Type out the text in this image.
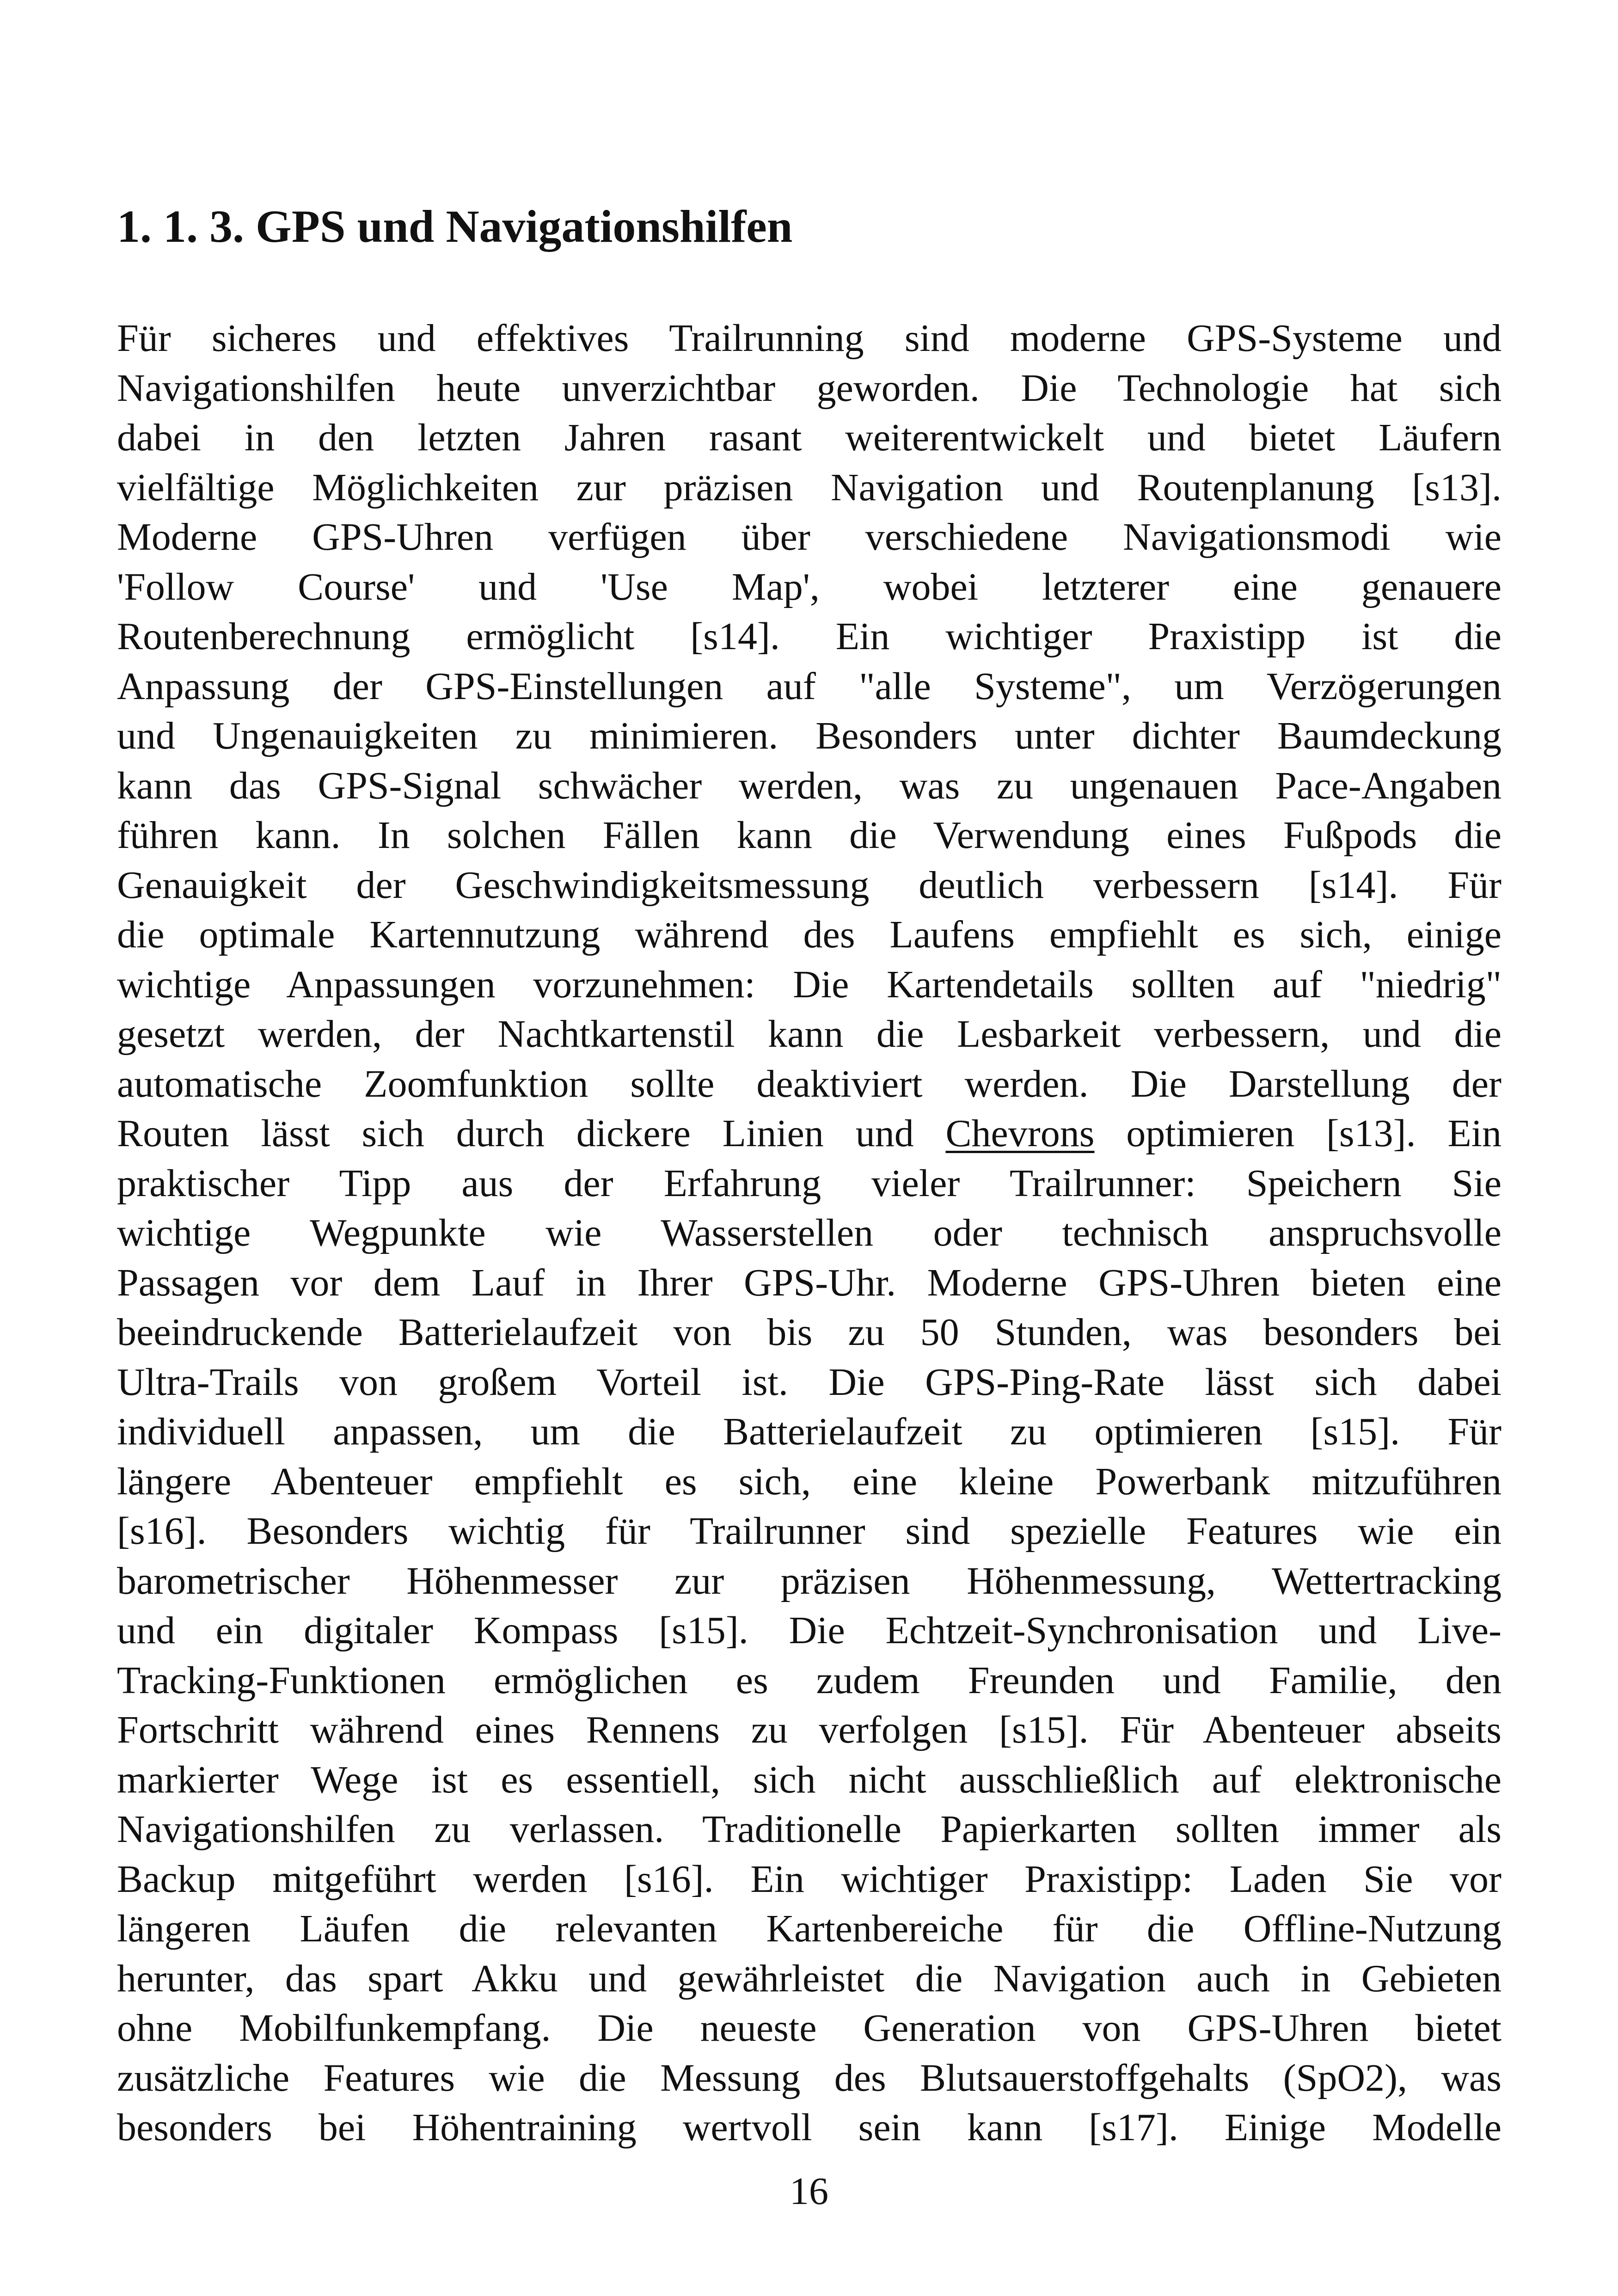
1. 1. 3. GPS und Navigationshilfen
Für sicheres und effektives Trailrunning sind moderne GPS-Systeme und
Navigationshilfen heute unverzichtbar geworden. Die Technologie hat sich
dabei in den letzten Jahren rasant weiterentwickelt und bietet Läufern
vielfältige Möglichkeiten zur präzisen Navigation und Routenplanung [s13].
Moderne GPS-Uhren verfügen über verschiedene Navigationsmodi wie
'Follow Course' und 'Use Map', wobei letzterer eine genauere
Routenberechnung ermöglicht [s14]. Ein wichtiger Praxistipp ist die
Anpassung der GPS-Einstellungen auf "alle Systeme", um Verzögerungen
und Ungenauigkeiten zu minimieren. Besonders unter dichter Baumdeckung
kann das GPS-Signal schwächer werden, was zu ungenauen Pace-Angaben
führen kann. In solchen Fällen kann die Verwendung eines Fußpods die
Genauigkeit der Geschwindigkeitsmessung deutlich verbessern [s14]. Für
die optimale Kartennutzung während des Laufens empfiehlt es sich, einige
wichtige Anpassungen vorzunehmen: Die Kartendetails sollten auf "niedrig"
gesetzt werden, der Nachtkartenstil kann die Lesbarkeit verbessern, und die
automatische Zoomfunktion sollte deaktiviert werden. Die Darstellung der
Routen lässt sich durch dickere Linien und Chevrons optimieren [s13]. Ein
praktischer Tipp aus der Erfahrung vieler Trailrunner: Speichern Sie
wichtige Wegpunkte wie Wasserstellen oder technisch anspruchsvolle
Passagen vor dem Lauf in Ihrer GPS-Uhr. Moderne GPS-Uhren bieten eine
beeindruckende Batterielaufzeit von bis zu 50 Stunden, was besonders bei
Ultra-Trails von großem Vorteil ist. Die GPS-Ping-Rate lässt sich dabei
individuell anpassen, um die Batterielaufzeit zu optimieren [s15]. Für
längere Abenteuer empfiehlt es sich, eine kleine Powerbank mitzuführen
[s16]. Besonders wichtig für Trailrunner sind spezielle Features wie ein
barometrischer Höhenmesser zur präzisen Höhenmessung, Wettertracking
und ein digitaler Kompass [s15]. Die Echtzeit-Synchronisation und Live-
Tracking-Funktionen ermöglichen es zudem Freunden und Familie, den
Fortschritt während eines Rennens zu verfolgen [s15]. Für Abenteuer abseits
markierter Wege ist es essentiell, sich nicht ausschließlich auf elektronische
Navigationshilfen zu verlassen. Traditionelle Papierkarten sollten immer als
Backup mitgeführt werden [s16]. Ein wichtiger Praxistipp: Laden Sie vor
längeren Läufen die relevanten Kartenbereiche für die Offline-Nutzung
herunter, das spart Akku und gewährleistet die Navigation auch in Gebieten
ohne Mobilfunkempfang. Die neueste Generation von GPS-Uhren bietet
zusätzliche Features wie die Messung des Blutsauerstoffgehalts (SpO2), was
besonders bei Höhentraining wertvoll sein kann [s17]. Einige Modelle
16
